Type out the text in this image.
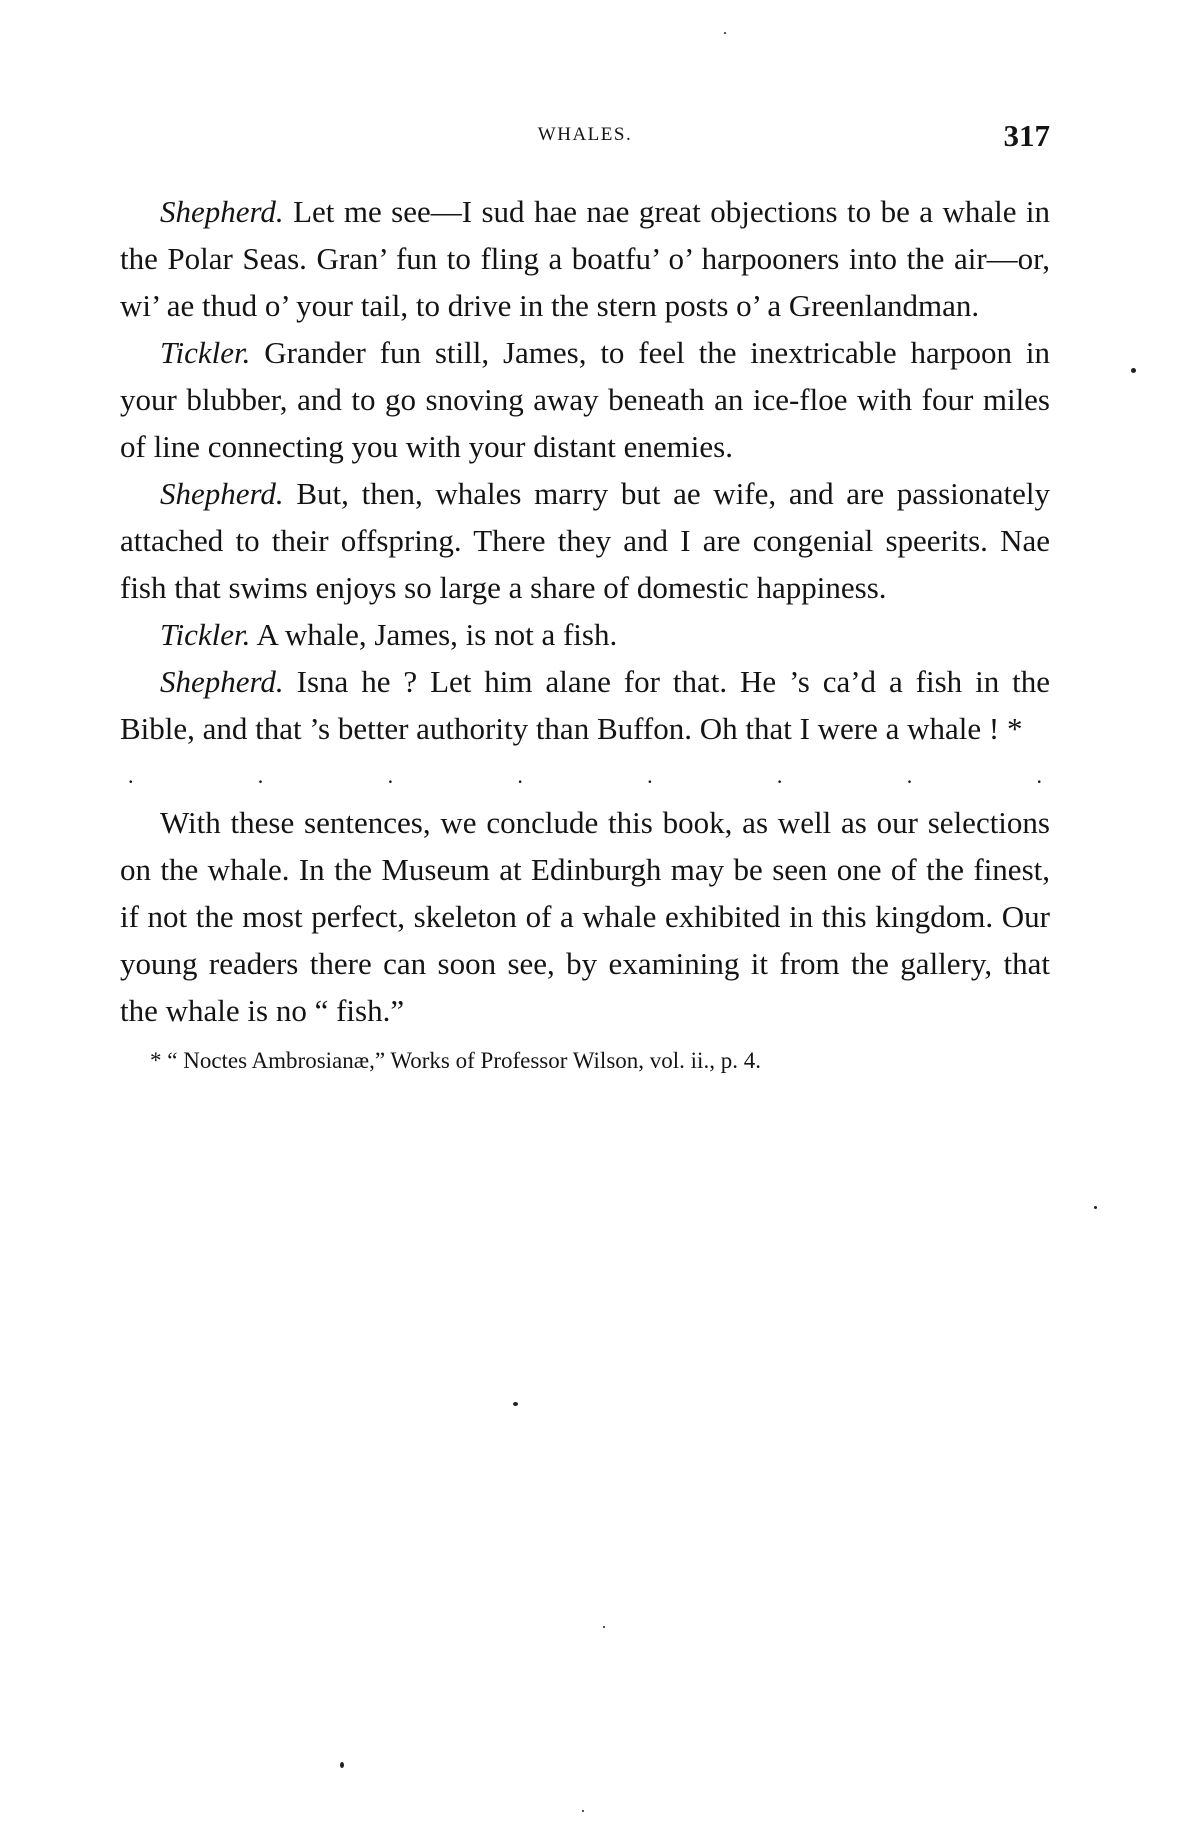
WHALES.	317

Shepherd. Let me see—I sud hae nae great objections to be a whale in the Polar Seas. Gran’ fun to fling a boatfu’ o’ harpooners into the air—or, wi’ ae thud o’ your tail, to drive in the stern posts o’ a Greenlandman.

Tickler. Grander fun still, James, to feel the inextricable harpoon in your blubber, and to go snoving away beneath an ice-floe with four miles of line connecting you with your distant enemies.

Shepherd. But, then, whales marry but ae wife, and are passionately attached to their offspring. There they and I are congenial speerits. Nae fish that swims enjoys so large a share of domestic happiness.

Tickler. A whale, James, is not a fish.

Shepherd. Isna he ? Let him alane for that. He ’s ca’d a fish in the Bible, and that ’s better authority than Buffon. Oh that I were a whale ! *

.	.	.	.	.	.	.	.

With these sentences, we conclude this book, as well as our selections on the whale. In the Museum at Edinburgh may be seen one of the finest, if not the most perfect, skeleton of a whale exhibited in this kingdom. Our young readers there can soon see, by examining it from the gallery, that the whale is no “ fish.”

* “ Noctes Ambrosianæ,” Works of Professor Wilson, vol. ii., p. 4.
